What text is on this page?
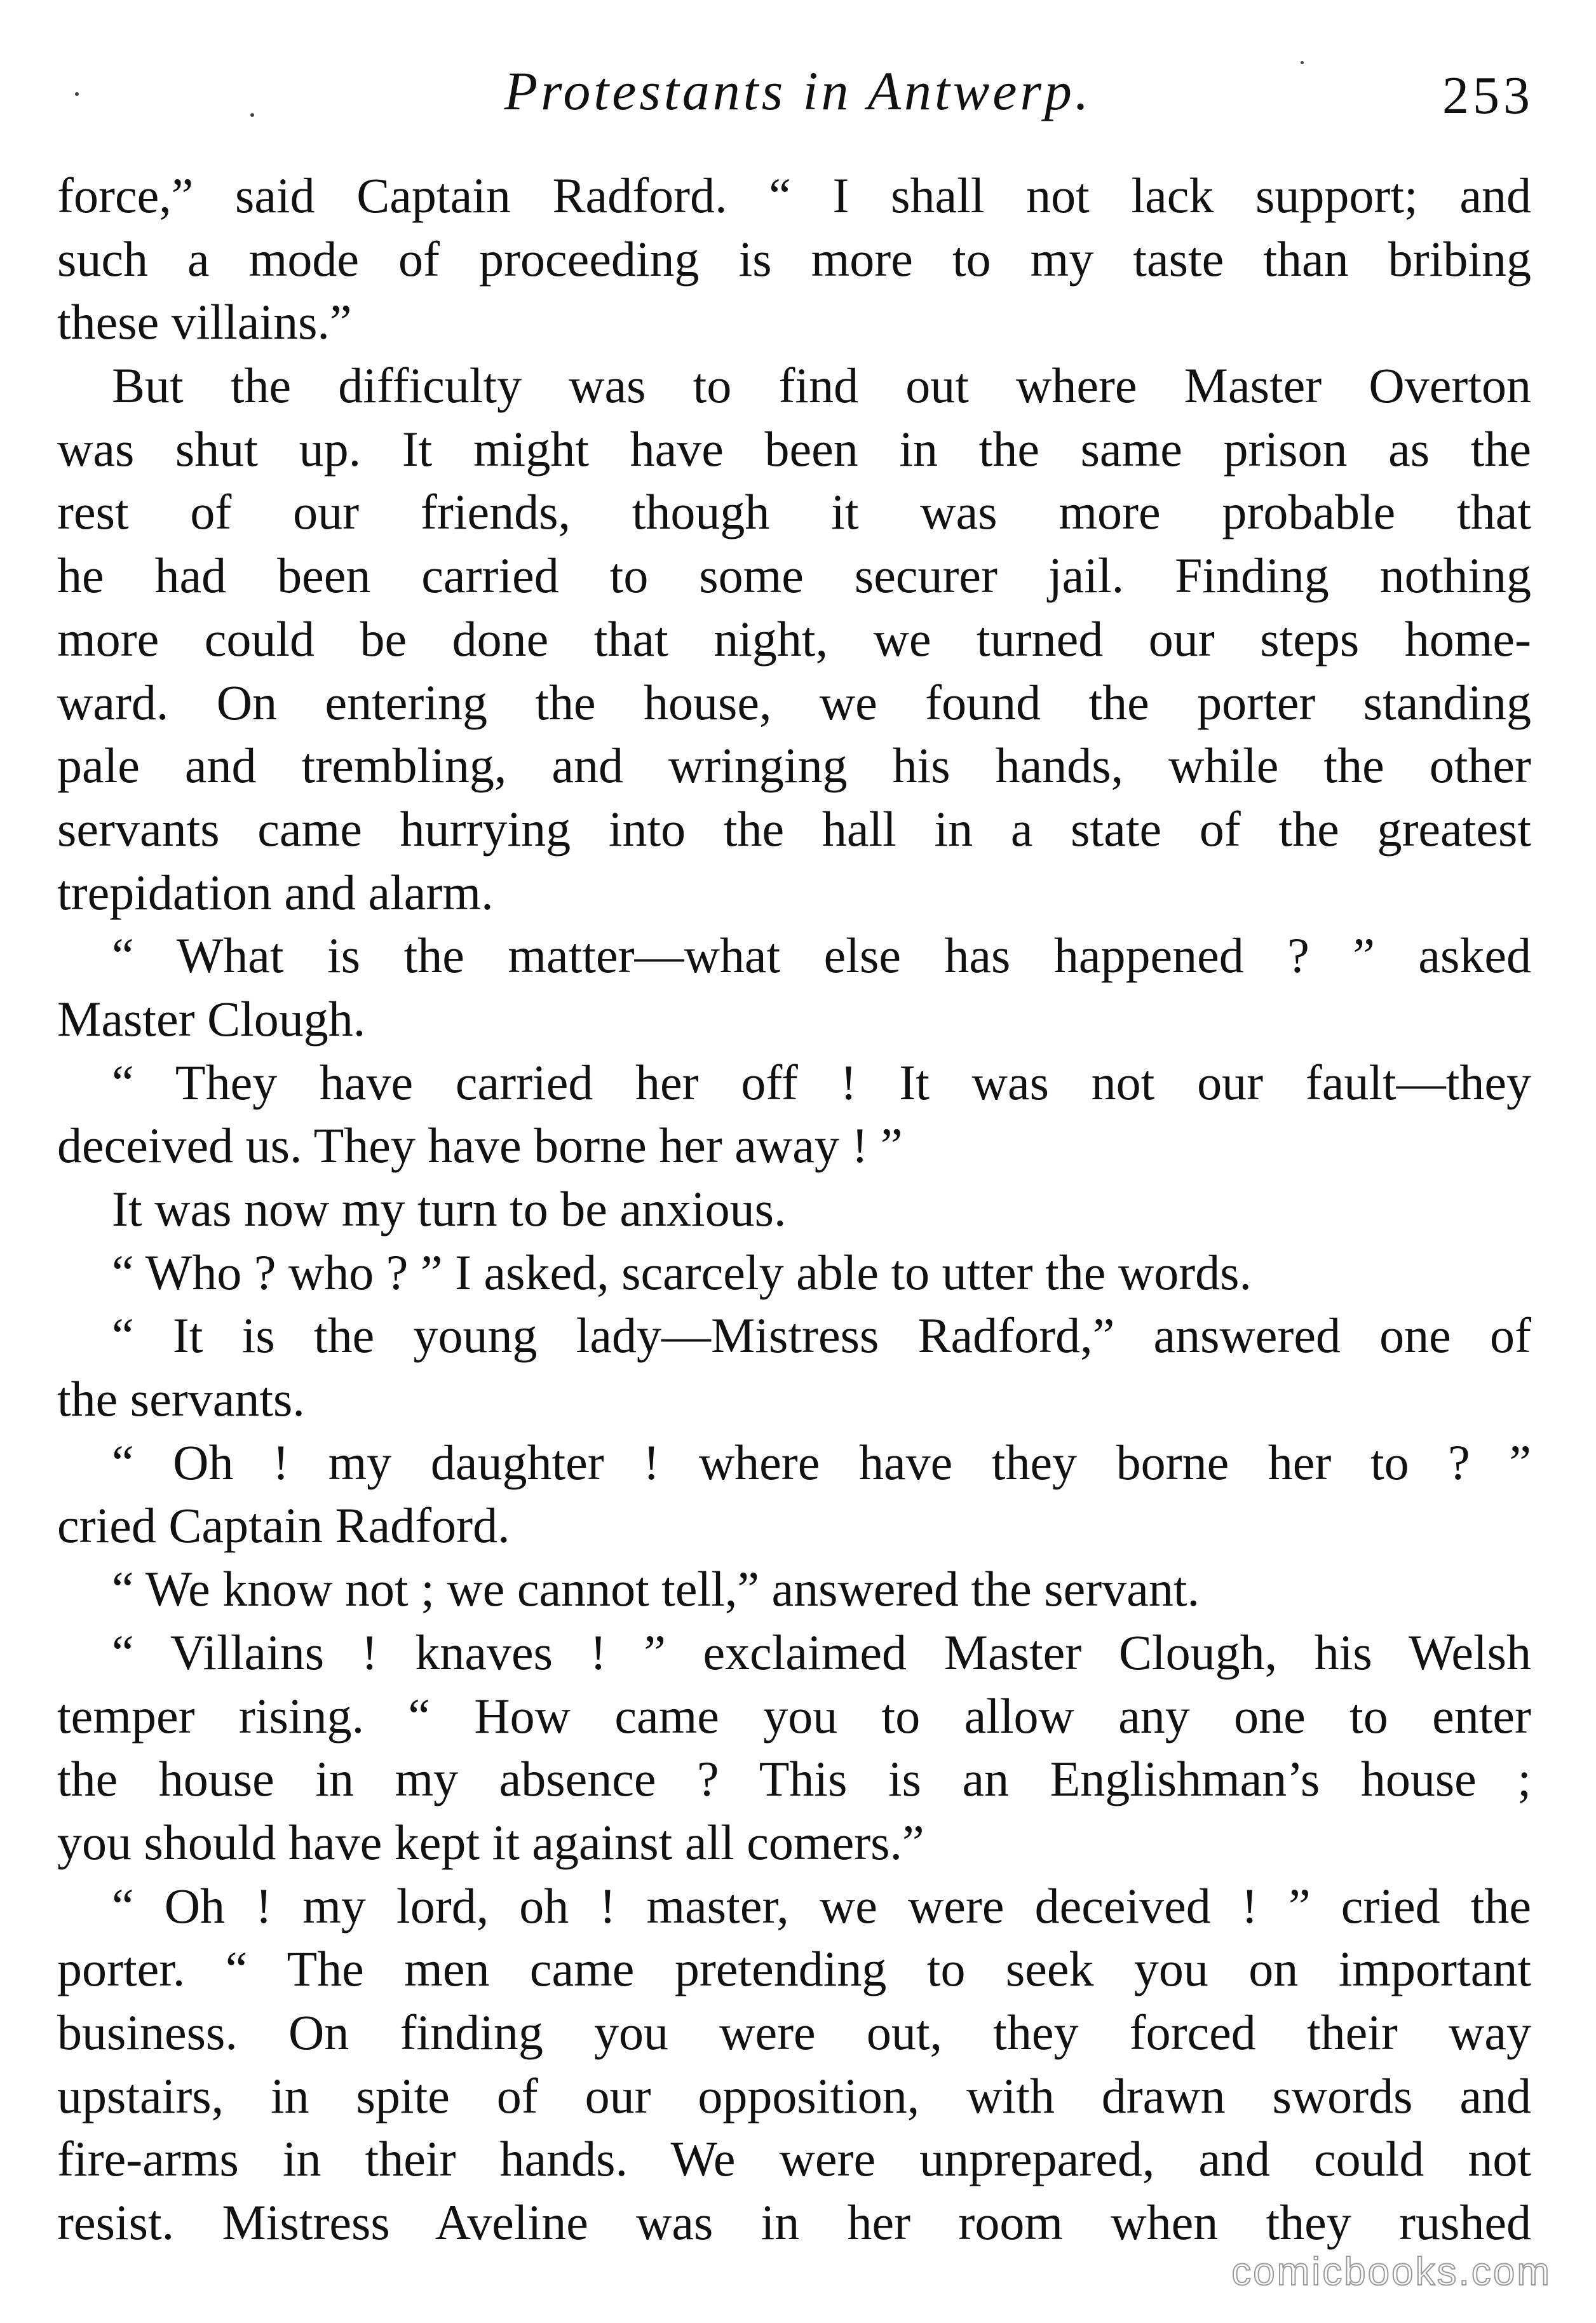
Protestants in Antwerp.	253
force,” said Captain Radford. “ I shall not lack support; and
such a mode of proceeding is more to my taste than bribing
these villains.”
But the difficulty was to find out where Master Overton
was shut up. It might have been in the same prison as the
rest of our friends, though it was more probable that
he had been carried to some securer jail. Finding nothing
more could be done that night, we turned our steps home-
ward. On entering the house, we found the porter standing
pale and trembling, and wringing his hands, while the other
servants came hurrying into the hall in a state of the greatest
trepidation and alarm.
“ What is the matter—what else has happened ? ” asked
Master Clough.
“ They have carried her off ! It was not our fault—they
deceived us. They have borne her away ! ”
It was now my turn to be anxious.
“ Who ? who ? ” I asked, scarcely able to utter the words.
“ It is the young lady—Mistress Radford,” answered one of
the servants.
“ Oh ! my daughter ! where have they borne her to ? ”
cried Captain Radford.
“ We know not ; we cannot tell,” answered the servant.
“ Villains ! knaves ! ” exclaimed Master Clough, his Welsh
temper rising. “ How came you to allow any one to enter
the house in my absence ? This is an Englishman’s house ;
you should have kept it against all comers.”
“ Oh ! my lord, oh ! master, we were deceived ! ” cried the
porter. “ The men came pretending to seek you on important
business. On finding you were out, they forced their way
upstairs, in spite of our opposition, with drawn swords and
fire-arms in their hands. We were unprepared, and could not
resist. Mistress Aveline was in her room when they rushed
comicbooks.com
